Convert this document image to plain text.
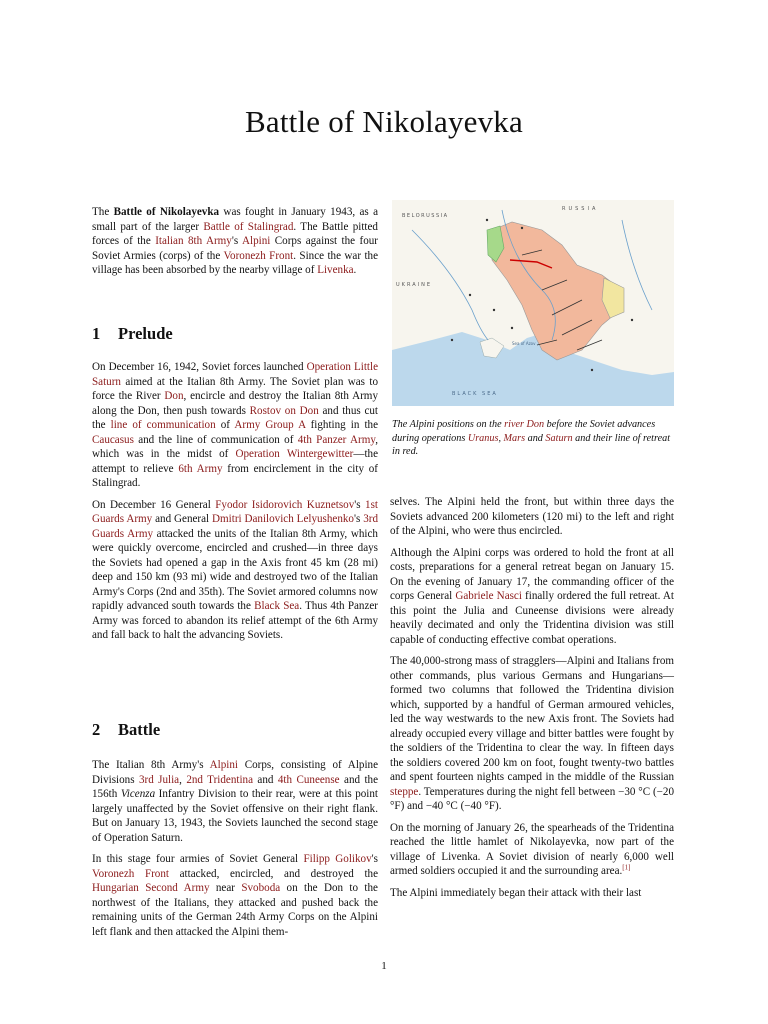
Battle of Nikolayevka

The Battle of Nikolayevka was fought in January 1943, as a small part of the larger Battle of Stalingrad. The Battle pitted forces of the Italian 8th Army's Alpini Corps against the four Soviet Armies (corps) of the Voronezh Front. Since the war the village has been absorbed by the nearby village of Livenka.

1 Prelude

On December 16, 1942, Soviet forces launched Operation Little Saturn aimed at the Italian 8th Army. The Soviet plan was to force the River Don, encircle and destroy the Italian 8th Army along the Don, then push towards Rostov on Don and thus cut the line of communication of Army Group A fighting in the Caucasus and the line of communication of 4th Panzer Army, which was in the midst of Operation Wintergewitter—the attempt to relieve 6th Army from encirclement in the city of Stalingrad.

On December 16 General Fyodor Isidorovich Kuznetsov's 1st Guards Army and General Dmitri Danilovich Lelyushenko's 3rd Guards Army attacked the units of the Italian 8th Army, which were quickly overcome, encircled and crushed—in three days the Soviets had opened a gap in the Axis front 45 km (28 mi) deep and 150 km (93 mi) wide and destroyed two of the Italian Army's Corps (2nd and 35th). The Soviet armored columns now rapidly advanced south towards the Black Sea. Thus 4th Panzer Army was forced to abandon its relief attempt of the 6th Army and fall back to halt the advancing Soviets.

2 Battle

The Italian 8th Army's Alpini Corps, consisting of Alpine Divisions 3rd Julia, 2nd Tridentina and 4th Cuneense and the 156th Vicenza Infantry Division to their rear, were at this point largely unaffected by the Soviet offensive on their right flank. But on January 13, 1943, the Soviets launched the second stage of Operation Saturn.

In this stage four armies of Soviet General Filipp Golikov's Voronezh Front attacked, encircled, and destroyed the Hungarian Second Army near Svoboda on the Don to the northwest of the Italians, they attacked and pushed back the remaining units of the German 24th Army Corps on the Alpini left flank and then attacked the Alpini them-

BELORUSSIA
RUSSIA
UKRAINE
BLACK SEA
Sea of Azov
The Alpini positions on the river Don before the Soviet advances during operations Uranus, Mars and Saturn and their line of retreat in red.

selves. The Alpini held the front, but within three days the Soviets advanced 200 kilometers (120 mi) to the left and right of the Alpini, who were thus encircled.

Although the Alpini corps was ordered to hold the front at all costs, preparations for a general retreat began on January 15. On the evening of January 17, the commanding officer of the corps General Gabriele Nasci finally ordered the full retreat. At this point the Julia and Cuneense divisions were already heavily decimated and only the Tridentina division was still capable of conducting effective combat operations.

The 40,000-strong mass of stragglers—Alpini and Italians from other commands, plus various Germans and Hungarians—formed two columns that followed the Tridentina division which, supported by a handful of German armoured vehicles, led the way westwards to the new Axis front. The Soviets had already occupied every village and bitter battles were fought by the soldiers of the Tridentina to clear the way. In fifteen days the soldiers covered 200 km on foot, fought twenty-two battles and spent fourteen nights camped in the middle of the Russian steppe. Temperatures during the night fell between −30 °C (−20 °F) and −40 °C (−40 °F).

On the morning of January 26, the spearheads of the Tridentina reached the little hamlet of Nikolayevka, now part of the village of Livenka. A Soviet division of nearly 6,000 well armed soldiers occupied it and the surrounding area.[1]

The Alpini immediately began their attack with their last

1
